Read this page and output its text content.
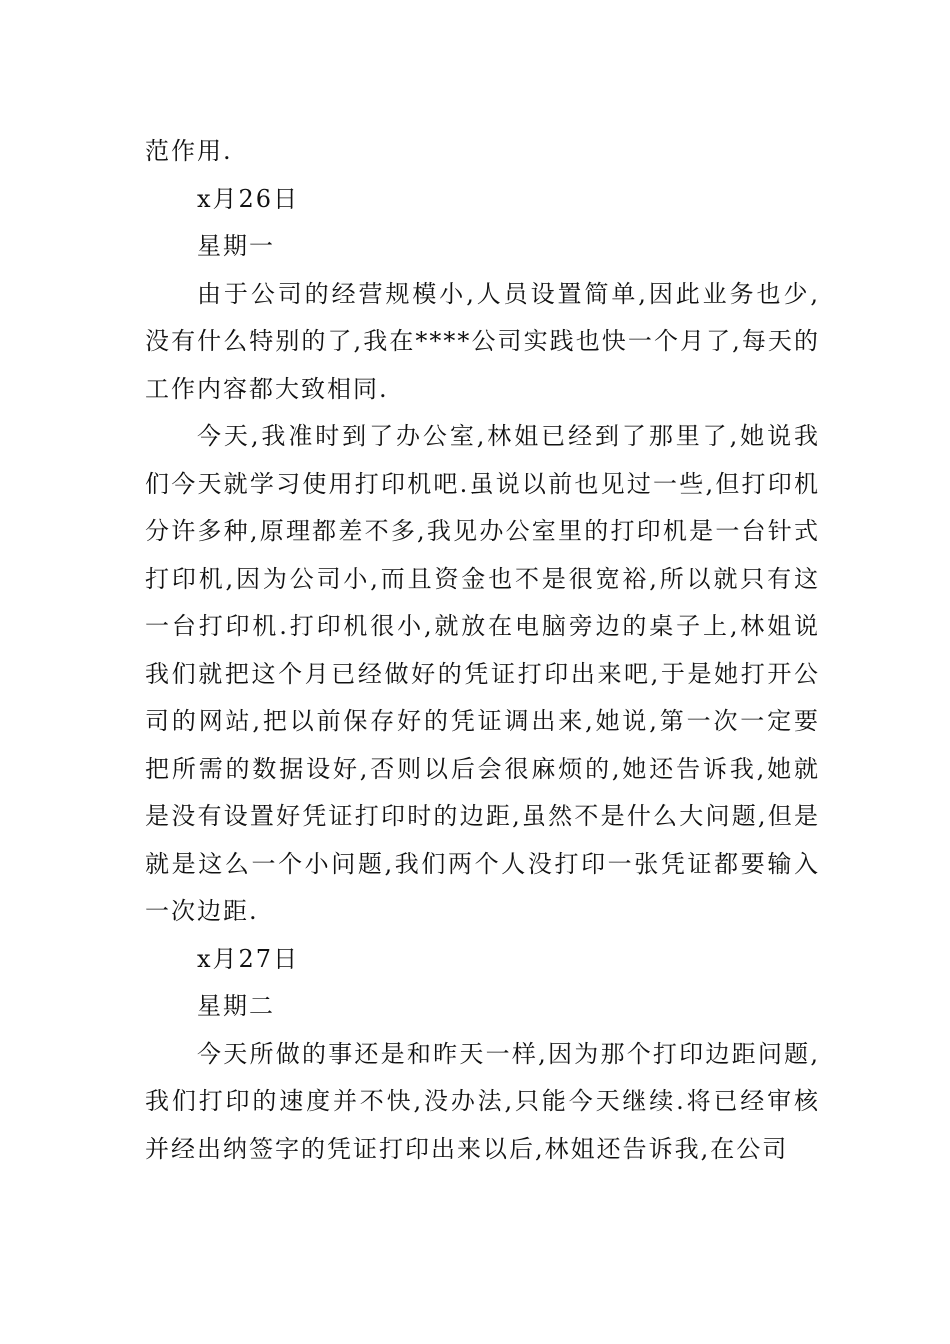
范作用.

x月26日

星期一

由于公司的经营规模小,人员设置简单,因此业务也少,没有什么特别的了,我在****公司实践也快一个月了,每天的工作内容都大致相同.

今天,我准时到了办公室,林姐已经到了那里了,她说我们今天就学习使用打印机吧.虽说以前也见过一些,但打印机分许多种,原理都差不多,我见办公室里的打印机是一台针式打印机,因为公司小,而且资金也不是很宽裕,所以就只有这一台打印机.打印机很小,就放在电脑旁边的桌子上,林姐说我们就把这个月已经做好的凭证打印出来吧,于是她打开公司的网站,把以前保存好的凭证调出来,她说,第一次一定要把所需的数据设好,否则以后会很麻烦的,她还告诉我,她就是没有设置好凭证打印时的边距,虽然不是什么大问题,但是就是这么一个小问题,我们两个人没打印一张凭证都要输入一次边距.

x月27日

星期二

今天所做的事还是和昨天一样,因为那个打印边距问题,我们打印的速度并不快,没办法,只能今天继续.将已经审核并经出纳签字的凭证打印出来以后,林姐还告诉我,在公司
